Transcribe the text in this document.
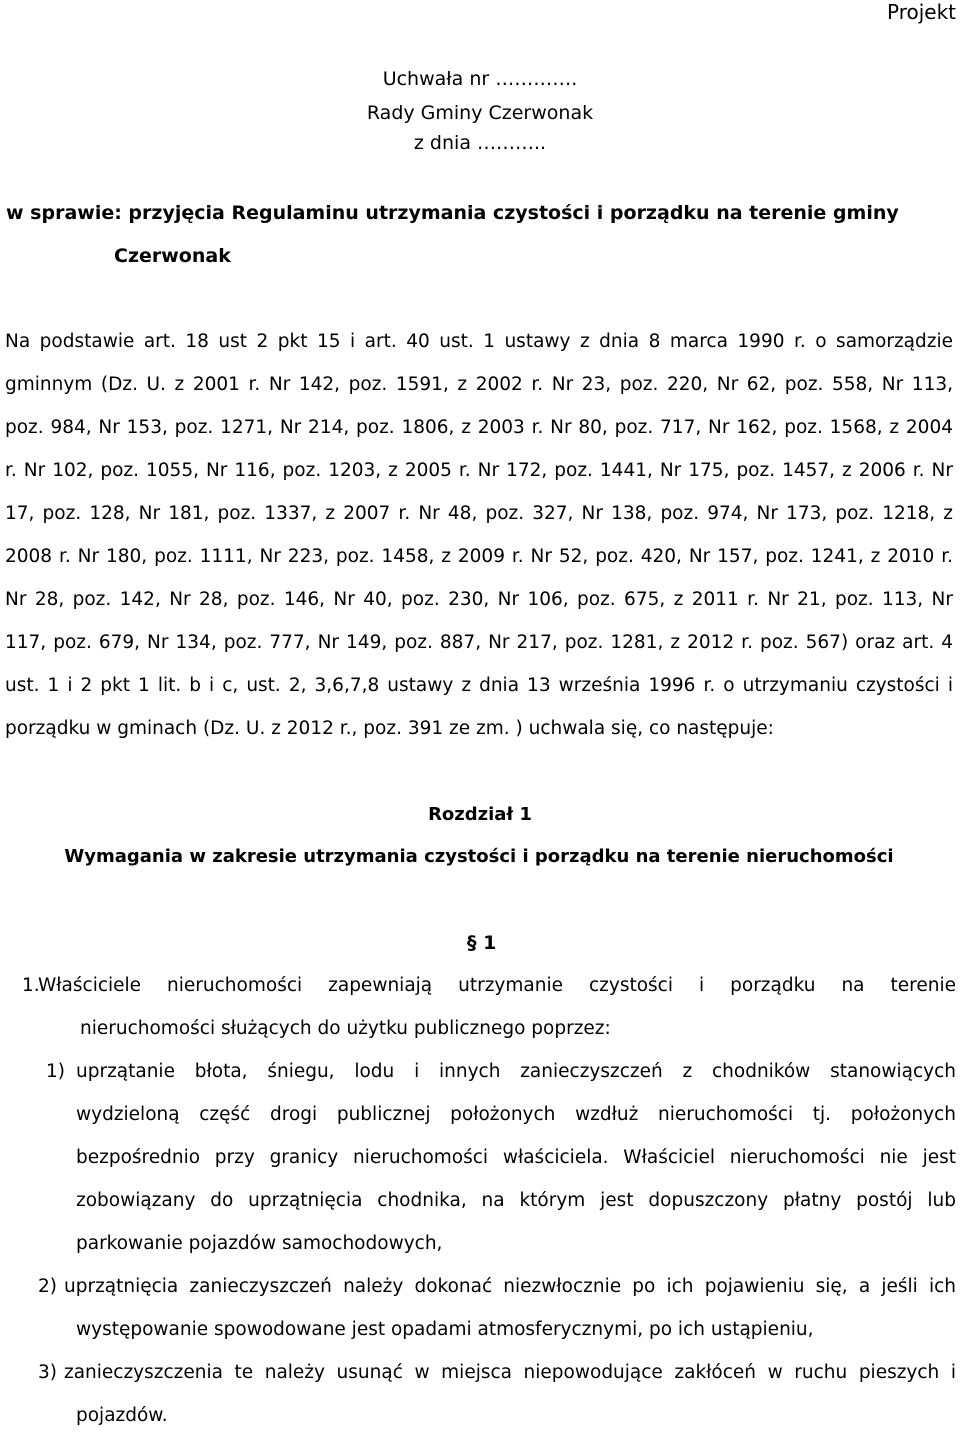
Projekt
Uchwała nr ………….
Rady Gminy Czerwonak
z dnia ………..
w sprawie: przyjęcia Regulaminu utrzymania czystości i porządku na terenie gminy
Czerwonak
Na podstawie art. 18 ust 2 pkt 15 i art. 40 ust. 1 ustawy z dnia 8 marca 1990 r. o samorządzie
gminnym (Dz. U. z 2001 r. Nr 142, poz. 1591, z 2002 r. Nr 23, poz. 220, Nr 62, poz. 558, Nr 113,
poz. 984, Nr 153, poz. 1271, Nr 214, poz. 1806, z 2003 r. Nr 80, poz. 717, Nr 162, poz. 1568, z 2004
r. Nr 102, poz. 1055, Nr 116, poz. 1203, z 2005 r. Nr 172, poz. 1441, Nr 175, poz. 1457, z 2006 r. Nr
17, poz. 128, Nr 181, poz. 1337, z 2007 r. Nr 48, poz. 327, Nr 138, poz. 974, Nr 173, poz. 1218, z
2008 r. Nr 180, poz. 1111, Nr 223, poz. 1458, z 2009 r. Nr 52, poz. 420, Nr 157, poz. 1241, z 2010 r.
Nr 28, poz. 142, Nr 28, poz. 146, Nr 40, poz. 230, Nr 106, poz. 675, z 2011 r. Nr 21, poz. 113, Nr
117, poz. 679, Nr 134, poz. 777, Nr 149, poz. 887, Nr 217, poz. 1281, z 2012 r. poz. 567) oraz art. 4
ust. 1 i 2 pkt 1 lit. b i c, ust. 2, 3,6,7,8 ustawy z dnia 13 września 1996 r. o utrzymaniu czystości i
porządku w gminach (Dz. U. z 2012 r., poz. 391 ze zm. ) uchwala się, co następuje:
Rozdział 1
Wymagania w zakresie utrzymania czystości i porządku na terenie nieruchomości
§ 1
1.
Właściciele nieruchomości zapewniają utrzymanie czystości i porządku na terenie
nieruchomości służących do użytku publicznego poprzez:
1) uprzątanie błota, śniegu, lodu i innych zanieczyszczeń z chodników stanowiących
wydzieloną część drogi publicznej położonych wzdłuż nieruchomości tj. położonych
bezpośrednio przy granicy nieruchomości właściciela. Właściciel nieruchomości nie jest
zobowiązany do uprzątnięcia chodnika, na którym jest dopuszczony płatny postój lub
parkowanie pojazdów samochodowych,
2) uprzątnięcia zanieczyszczeń należy dokonać niezwłocznie po ich pojawieniu się, a jeśli ich
występowanie spowodowane jest opadami atmosferycznymi, po ich ustąpieniu,
3) zanieczyszczenia te należy usunąć w miejsca niepowodujące zakłóceń w ruchu pieszych i
pojazdów.
